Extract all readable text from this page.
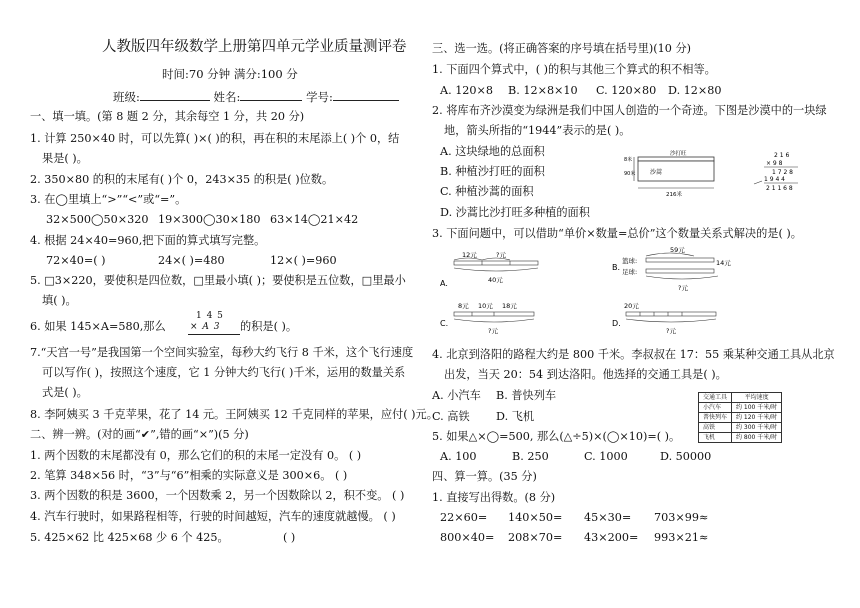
人教版四年级数学上册第四单元学业质量测评卷
时间:70 分钟 满分:100 分
班级:	姓名:	学号:
一、填一填。(第 8 题 2 分，其余每空 1 分，共 20 分)
1. 计算 250×40 时，可以先算( )×( )的积，再在积的末尾添上( )个 0，结
果是( )。
2. 350×80 的积的末尾有( )个 0，243×35 的积是( )位数。
3. 在◯里填上“>”“<”或“=”。
32×500◯50×320 19×300◯30×180 63×14◯21×42
4. 根据 24×40=960,把下面的算式填写完整。
72×40=( )	24×( )=480	12×( )=960
5. □3×220，要使积是四位数，□里最小填( )；要使积是五位数，□里最小
填( )。
6. 如果 145×A=580,那么
1 4 5
× A 3 的积是( )。
7.“天宫一号”是我国第一个空间实验室，每秒大约飞行 8 千米，这个飞行速度
可以写作( )，按照这个速度，它 1 分钟大约飞行( )千米，运用的数量关系
式是( )。
8. 李阿姨买 3 千克苹果，花了 14 元。王阿姨买 12 千克同样的苹果，应付( )元。
二、辨一辨。(对的画“✔”,错的画“×”)(5 分)
1. 两个因数的末尾都没有 0，那么它们的积的末尾一定没有 0。 ( )
2. 笔算 348×56 时，“3”与“6”相乘的实际意义是 300×6。 ( )
3. 两个因数的积是 3600，一个因数乘 2，另一个因数除以 2，积不变。 ( )
4. 汽车行驶时，如果路程相等，行驶的时间越短，汽车的速度就越慢。 ( )
5. 425×62 比 425×68 少 6 个 425。	( )
三、选一选。(将正确答案的序号填在括号里)(10 分)
1. 下面四个算式中，( )的积与其他三个算式的积不相等。
A. 120×8 B. 12×8×10 C. 120×80 D. 12×80
2. 将库布齐沙漠变为绿洲是我们中国人创造的一个奇迹。下图是沙漠中的一块绿
地，箭头所指的“1944”表示的是( )。
A. 这块绿地的总面积
B. 种植沙打旺的面积
C. 种植沙蒿的面积
D. 沙蒿比沙打旺多种植的面积
沙打旺
8米
90米 沙蒿
216米
2 1 6
× 9 8
1 7 2 8
1 9 4 4
2 1 1 6 8
3. 下面问题中，可以借助“单价×数量=总价”这个数量关系式解决的是( )。
A.
12元	?元
40元
B.
59元
篮球:
足球:
14元
?元
C.
8元 10元 18元
?元
D.
20元
?元
4. 北京到洛阳的路程大约是 800 千米。李叔叔在 17：55 乘某种交通工具从北京
出发，当天 20：54 到达洛阳。他选择的交通工具是( )。
A. 小汽车 B. 普快列车
C. 高铁 D. 飞机
交通工具	平均速度
小汽车	约 100 千米/时
普快列车	约 120 千米/时
高铁	约 300 千米/时
飞机	约 800 千米/时
5. 如果△×◯=500, 那么(△÷5)×(◯×10)=( )。
A. 100	B. 250	C. 1000	D. 50000
四、算一算。(35 分)
1. 直接写出得数。(8 分)
22×60= 140×50= 45×30= 703×99≈
800×40= 208×70= 43×200= 993×21≈
